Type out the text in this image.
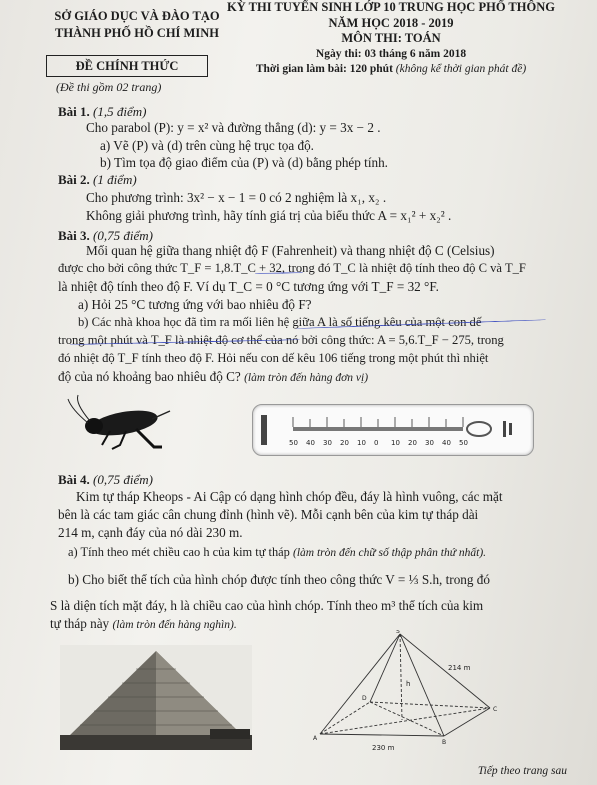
SỞ GIÁO DỤC VÀ ĐÀO TẠO
THÀNH PHỐ HỒ CHÍ MINH
KỲ THI TUYỂN SINH LỚP 10 TRUNG HỌC PHỔ THÔNG
NĂM HỌC 2018 - 2019
MÔN THI: TOÁN
Ngày thi: 03 tháng 6 năm 2018
Thời gian làm bài: 120 phút (không kể thời gian phát đề)
ĐỀ CHÍNH THỨC
(Đề thi gồm 02 trang)
Bài 1. (1,5 điểm)
Cho parabol (P): y = x² và đường thẳng (d): y = 3x − 2 .
a) Vẽ (P) và (d) trên cùng hệ trục tọa độ.
b) Tìm tọa độ giao điểm của (P) và (d) bằng phép tính.
Bài 2. (1 điểm)
Cho phương trình: 3x² − x − 1 = 0 có 2 nghiệm là x₁, x₂ .
Không giải phương trình, hãy tính giá trị của biểu thức A = x₁² + x₂² .
Bài 3. (0,75 điểm)
Mối quan hệ giữa thang nhiệt độ F (Fahrenheit) và thang nhiệt độ C (Celsius)
được cho bởi công thức T_F = 1,8.T_C + 32, trong đó T_C là nhiệt độ tính theo độ C và T_F
là nhiệt độ tính theo độ F. Ví dụ T_C = 0 °C tương ứng với T_F = 32 °F.
a) Hỏi 25 °C tương ứng với bao nhiêu độ F?
b) Các nhà khoa học đã tìm ra mối liên hệ giữa A là số tiếng kêu của một con dế
trong một phút và T_F là nhiệt độ cơ thể của nó bởi công thức: A = 5,6.T_F − 275, trong
đó nhiệt độ T_F tính theo độ F. Hỏi nếu con dế kêu 106 tiếng trong một phút thì nhiệt
độ của nó khoảng bao nhiêu độ C? (làm tròn đến hàng đơn vị)
50 40 30 20 10 0 10 20 30 40 50
Bài 4. (0,75 điểm)
Kim tự tháp Kheops - Ai Cập có dạng hình chóp đều, đáy là hình vuông, các mặt
bên là các tam giác cân chung đỉnh (hình vẽ). Mỗi cạnh bên của kim tự tháp dài
214 m, cạnh đáy của nó dài 230 m.
a) Tính theo mét chiều cao h của kim tự tháp (làm tròn đến chữ số thập phân thứ nhất).
b) Cho biết thể tích của hình chóp được tính theo công thức V = ⅓ S.h, trong đó
S là diện tích mặt đáy, h là chiều cao của hình chóp. Tính theo m³ thể tích của kim
tự tháp này (làm tròn đến hàng nghìn).
S
A
B
C
D
214 m
h
230 m
Tiếp theo trang sau
